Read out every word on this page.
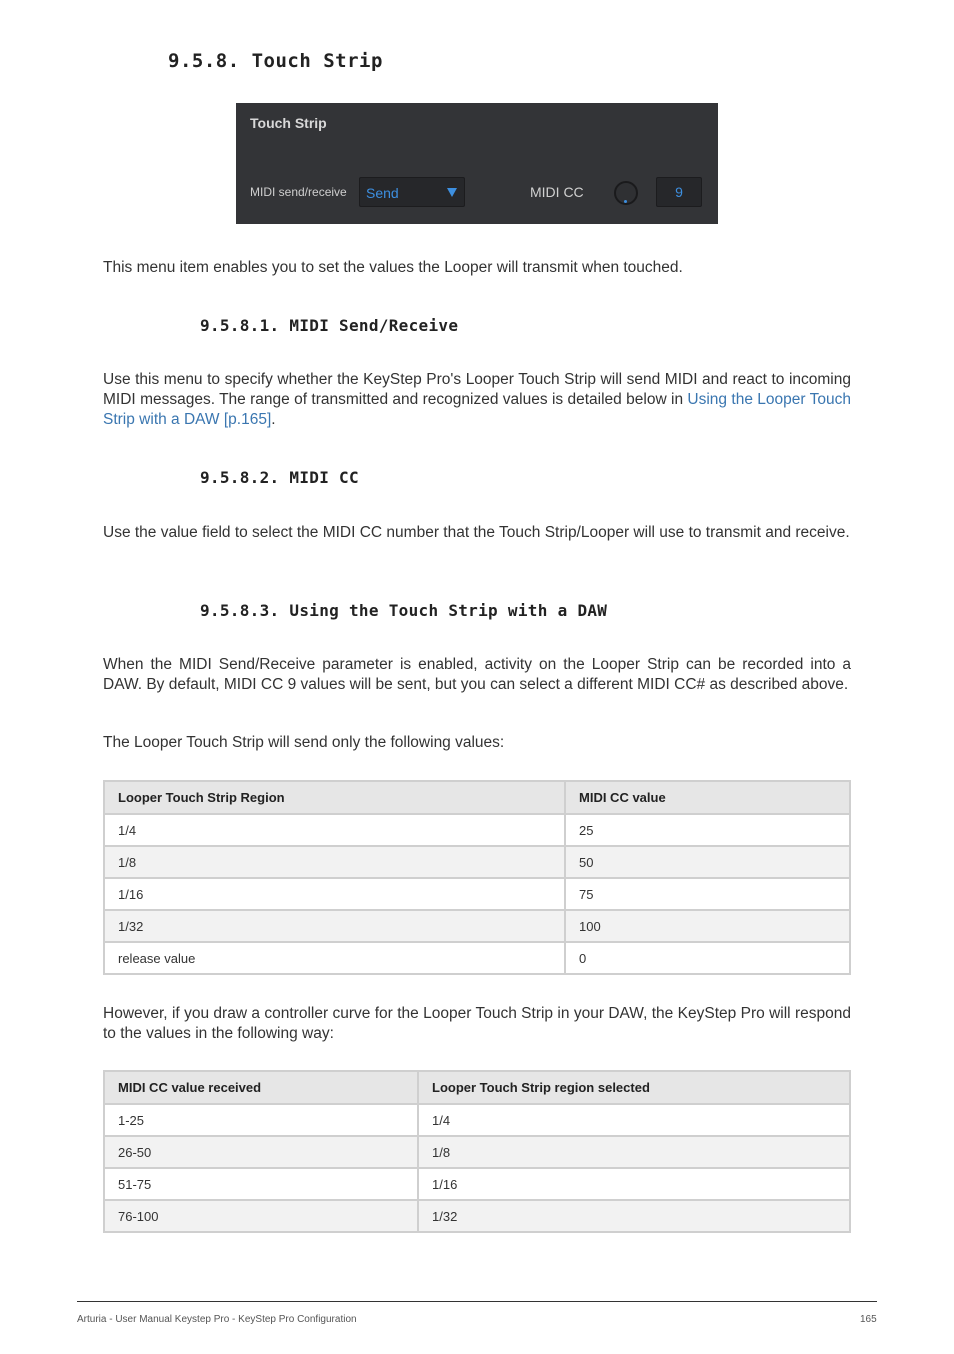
9.5.8. Touch Strip
Touch Strip
MIDI send/receive Send	MIDI CC	9

This menu item enables you to set the values the Looper will transmit when touched.

9.5.8.1. MIDI Send/Receive

Use this menu to specify whether the KeyStep Pro's Looper Touch Strip will send MIDI and react to incoming MIDI messages. The range of transmitted and recognized values is detailed below in Using the Looper Touch Strip with a DAW [p.165].

9.5.8.2. MIDI CC

Use the value field to select the MIDI CC number that the Touch Strip/Looper will use to transmit and receive.

9.5.8.3. Using the Touch Strip with a DAW

When the MIDI Send/Receive parameter is enabled, activity on the Looper Strip can be recorded into a DAW. By default, MIDI CC 9 values will be sent, but you can select a different MIDI CC# as described above.

The Looper Touch Strip will send only the following values:

Looper Touch Strip Region	MIDI CC value
1/4	25
1/8	50
1/16	75
1/32	100
release value	0

However, if you draw a controller curve for the Looper Touch Strip in your DAW, the KeyStep Pro will respond to the values in the following way:

MIDI CC value received	Looper Touch Strip region selected
1-25	1/4
26-50	1/8
51-75	1/16
76-100	1/32
Arturia - User Manual Keystep Pro - KeyStep Pro Configuration	165
